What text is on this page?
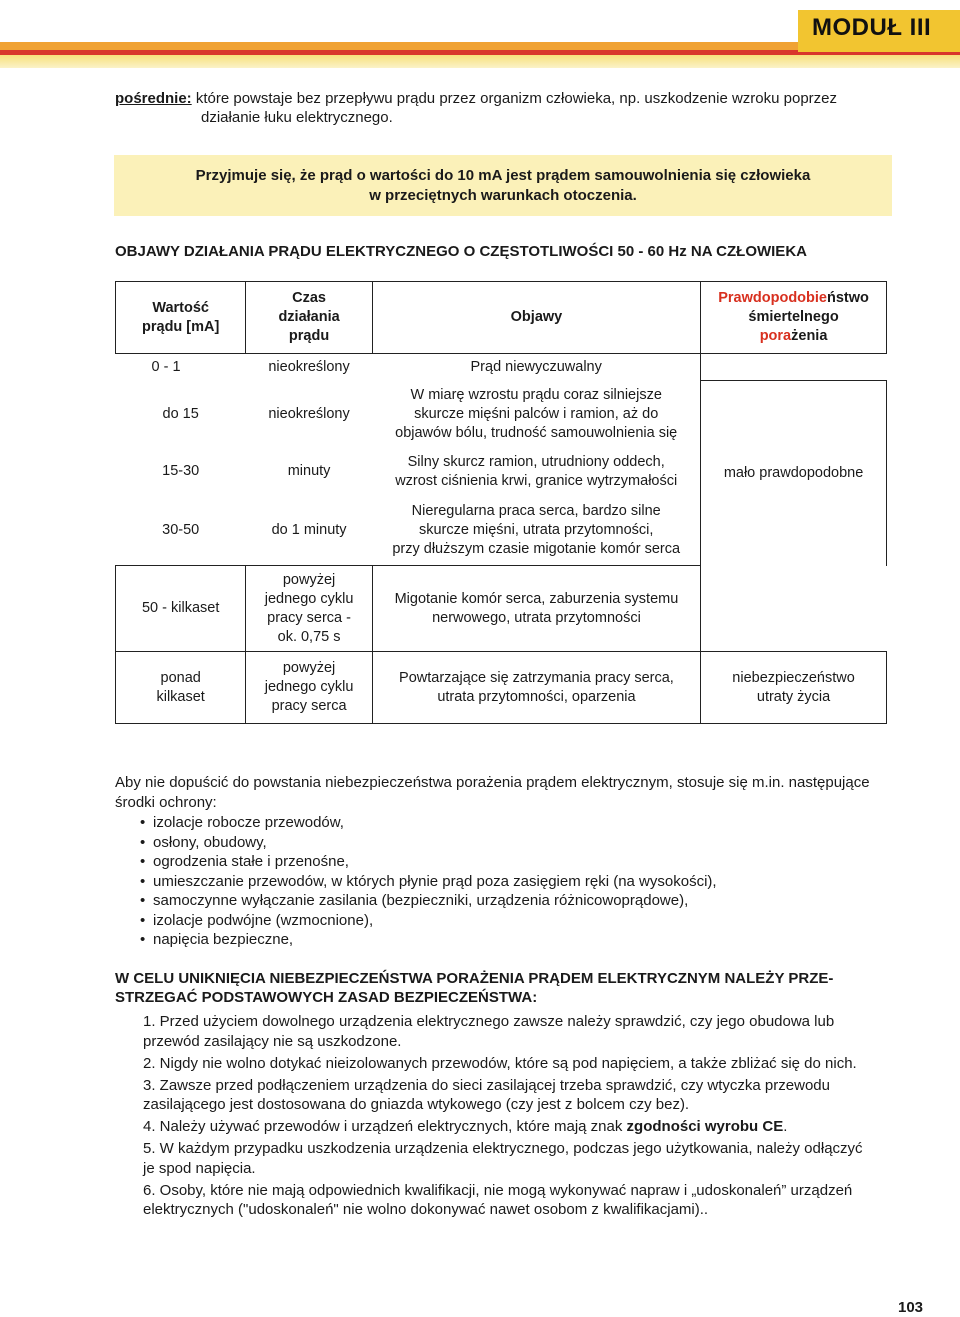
MODUŁ III
pośrednie: które powstaje bez przepływu prądu przez organizm człowieka, np. uszkodzenie wzroku poprzez
działanie łuku elektrycznego.
Przyjmuje się, że prąd o wartości do 10 mA jest prądem samouwolnienia się człowieka
w przeciętnych warunkach otoczenia.
OBJAWY DZIAŁANIA PRĄDU ELEKTRYCZNEGO O CZĘSTOTLIWOŚCI 50 - 60 Hz NA CZŁOWIEKA
Wartość
prądu [mA]	Czas
działania
prądu	Objawy	Prawdopodobieństwo
śmiertelnego
porażenia
0 - 1	nieokreślony	Prąd niewyczuwalny	
do 15	nieokreślony	W miarę wzrostu prądu coraz silniejsze
skurcze mięśni palców i ramion, aż do
objawów bólu, trudność samouwolnienia się	mało prawdopodobne
15-30	minuty	Silny skurcz ramion, utrudniony oddech,
wzrost ciśnienia krwi, granice wytrzymałości	
30-50	do 1 minuty	Nieregularna praca serca, bardzo silne
skurcze mięśni, utrata przytomności,
przy dłuższym czasie migotanie komór serca	
50 - kilkaset	powyżej
jednego cyklu
pracy serca -
ok. 0,75 s	Migotanie komór serca, zaburzenia systemu
nerwowego, utrata przytomności	
ponad
kilkaset	powyżej
jednego cyklu
pracy serca	Powtarzające się zatrzymania pracy serca,
utrata przytomności, oparzenia	niebezpieczeństwo
utraty życia
Aby nie dopuścić do powstania niebezpieczeństwa porażenia prądem elektrycznym, stosuje się m.in. następujące
środki ochrony:
• izolacje robocze przewodów,
• osłony, obudowy,
• ogrodzenia stałe i przenośne,
• umieszczanie przewodów, w których płynie prąd poza zasięgiem ręki (na wysokości),
• samoczynne wyłączanie zasilania (bezpieczniki, urządzenia różnicowoprądowe),
• izolacje podwójne (wzmocnione),
• napięcia bezpieczne,
W CELU UNIKNIĘCIA NIEBEZPIECZEŃSTWA PORAŻENIA PRĄDEM ELEKTRYCZNYM NALEŻY PRZE-
STRZEGAĆ PODSTAWOWYCH ZASAD BEZPIECZEŃSTWA:
1. Przed użyciem dowolnego urządzenia elektrycznego zawsze należy sprawdzić, czy jego obudowa lub
przewód zasilający nie są uszkodzone.
2. Nigdy nie wolno dotykać nieizolowanych przewodów, które są pod napięciem, a także zbliżać się do nich.
3. Zawsze przed podłączeniem urządzenia do sieci zasilającej trzeba sprawdzić, czy wtyczka przewodu
zasilającego jest dostosowana do gniazda wtykowego (czy jest z bolcem czy bez).
4. Należy używać przewodów i urządzeń elektrycznych, które mają znak zgodności wyrobu CE.
5. W każdym przypadku uszkodzenia urządzenia elektrycznego, podczas jego użytkowania, należy odłączyć
je spod napięcia.
6. Osoby, które nie mają odpowiednich kwalifikacji, nie mogą wykonywać napraw i „udoskonaleń” urządzeń
elektrycznych ("udoskonaleń" nie wolno dokonywać nawet osobom z kwalifikacjami)..
103
